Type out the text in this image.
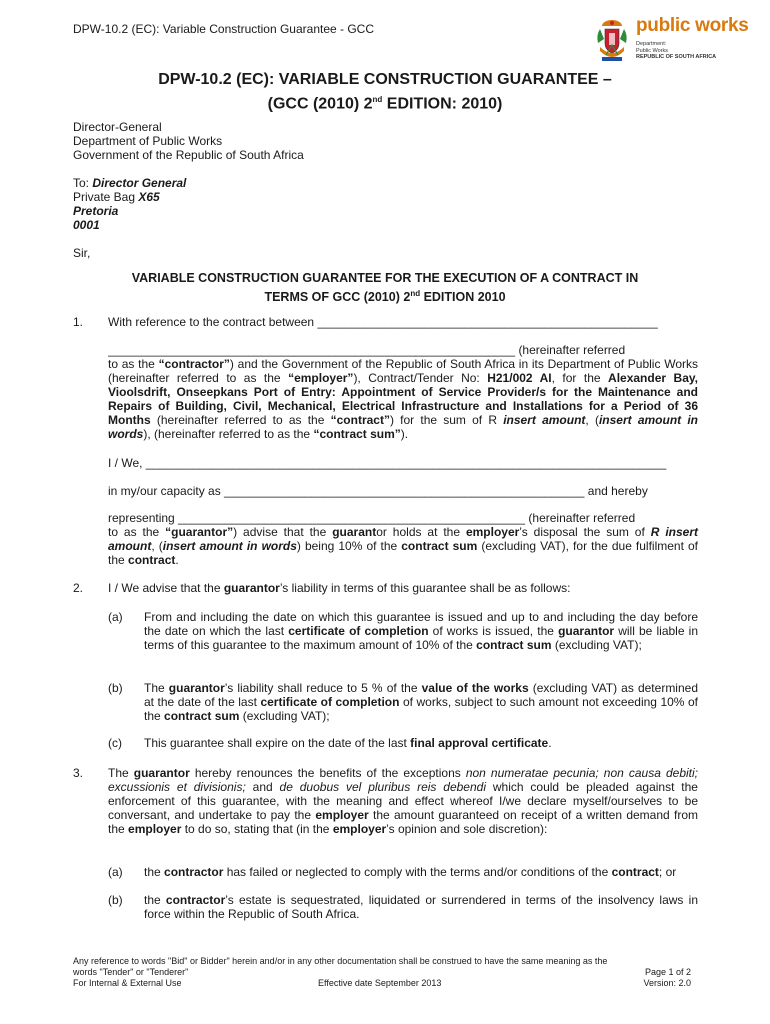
DPW-10.2 (EC): Variable Construction Guarantee - GCC	public works
Department:
Public Works
REPUBLIC OF SOUTH AFRICA
DPW-10.2 (EC): VARIABLE CONSTRUCTION GUARANTEE –
(GCC (2010) 2nd EDITION: 2010)
Director-General
Department of Public Works
Government of the Republic of South Africa
To: Director General
Private Bag X65
Pretoria
0001
Sir,
VARIABLE CONSTRUCTION GUARANTEE FOR THE EXECUTION OF A CONTRACT IN
TERMS OF GCC (2010) 2nd EDITION 2010
1. With reference to the contract between ___________________________________________________
_____________________________________________________________ (hereinafter referred
to as the “contractor”) and the Government of the Republic of South Africa in its Department of Public Works (hereinafter referred to as the “employer”), Contract/Tender No: H21/002 AI, for the Alexander Bay, Vioolsdrift, Onseepkans Port of Entry: Appointment of Service Provider/s for the Maintenance and Repairs of Building, Civil, Mechanical, Electrical Infrastructure and Installations for a Period of 36 Months (hereinafter referred to as the “contract”) for the sum of R insert amount, (insert amount in words), (hereinafter referred to as the “contract sum”).
I / We, ______________________________________________________________________________
in my/our capacity as ______________________________________________________ and hereby
representing ____________________________________________________ (hereinafter referred
to as the “guarantor”) advise that the guarantor holds at the employer’s disposal the sum of R insert amount, (insert amount in words) being 10% of the contract sum (excluding VAT), for the due fulfilment of the contract.
2. I / We advise that the guarantor’s liability in terms of this guarantee shall be as follows:
(a) From and including the date on which this guarantee is issued and up to and including the day before the date on which the last certificate of completion of works is issued, the guarantor will be liable in terms of this guarantee to the maximum amount of 10% of the contract sum (excluding VAT);
(b) The guarantor’s liability shall reduce to 5 % of the value of the works (excluding VAT) as determined at the date of the last certificate of completion of works, subject to such amount not exceeding 10% of the contract sum (excluding VAT);
(c) This guarantee shall expire on the date of the last final approval certificate.
3. The guarantor hereby renounces the benefits of the exceptions non numeratae pecunia; non causa debiti; excussionis et divisionis; and de duobus vel pluribus reis debendi which could be pleaded against the enforcement of this guarantee, with the meaning and effect whereof I/we declare myself/ourselves to be conversant, and undertake to pay the employer the amount guaranteed on receipt of a written demand from the employer to do so, stating that (in the employer’s opinion and sole discretion):
(a) the contractor has failed or neglected to comply with the terms and/or conditions of the contract; or
(b) the contractor’s estate is sequestrated, liquidated or surrendered in terms of the insolvency laws in force within the Republic of South Africa.
Any reference to words "Bid" or Bidder" herein and/or in any other documentation shall be construed to have the same meaning as the
words "Tender" or "Tenderer"	Page 1 of 2
For Internal & External Use	Effective date September 2013	Version: 2.0
